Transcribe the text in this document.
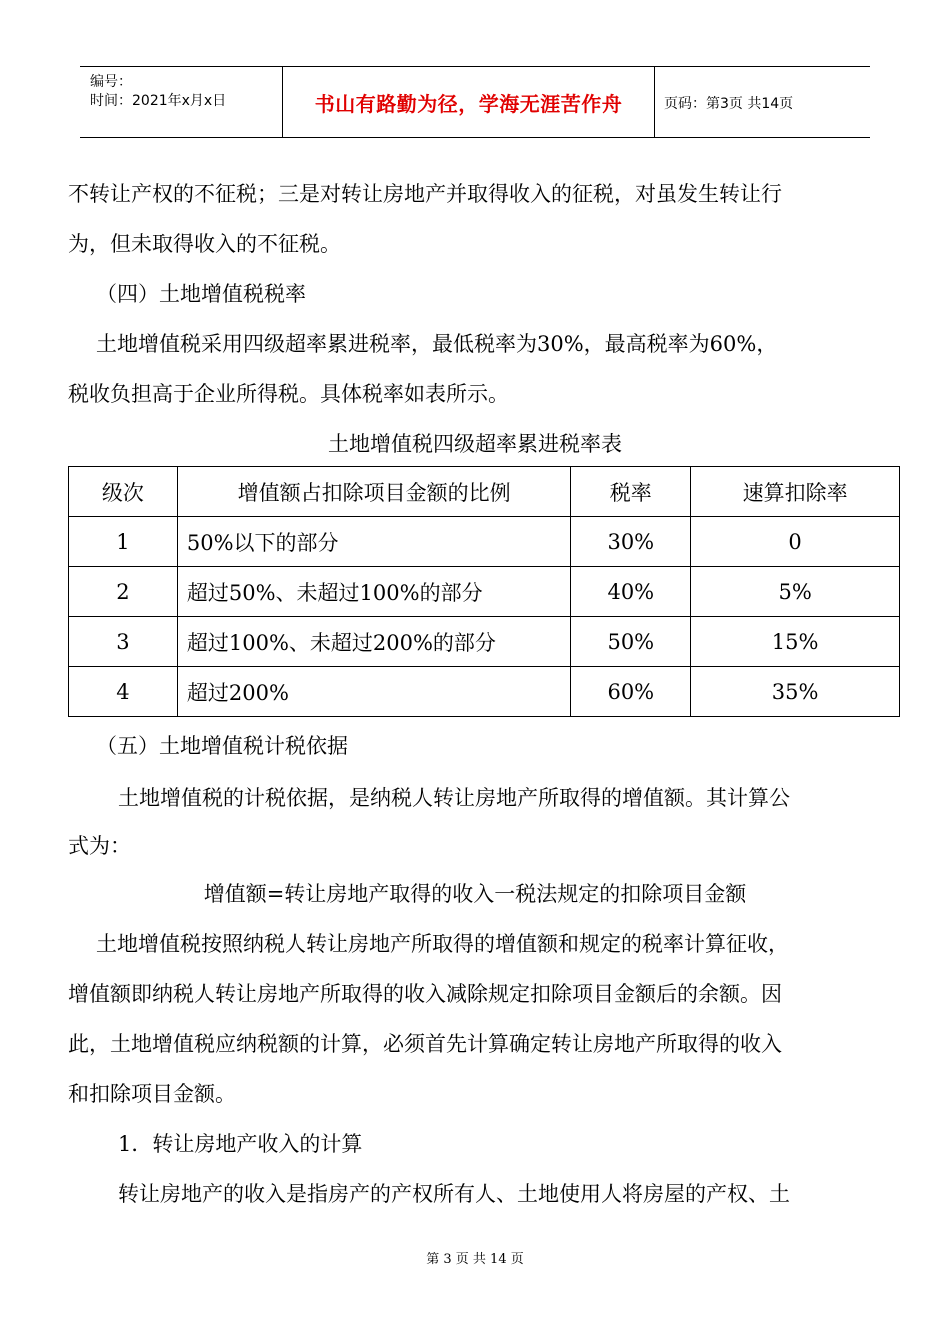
编号：
时间：2021年x月x日	书山有路勤为径，学海无涯苦作舟	页码：第3页 共14页
不转让产权的不征税；三是对转让房地产并取得收入的征税，对虽发生转让行
为，但未取得收入的不征税。
（四）土地增值税税率
土地增值税采用四级超率累进税率，最低税率为30%，最高税率为60%，
税收负担高于企业所得税。具体税率如表所示。
土地增值税四级超率累进税率表
级次	增值额占扣除项目金额的比例	税率	速算扣除率
1	50%以下的部分	30%	0
2	超过50%、未超过100%的部分	40%	5%
3	超过100%、未超过200%的部分	50%	15%
4	超过200%	60%	35%
（五）土地增值税计税依据
土地增值税的计税依据，是纳税人转让房地产所取得的增值额。其计算公
式为：
增值额=转让房地产取得的收入一税法规定的扣除项目金额
土地增值税按照纳税人转让房地产所取得的增值额和规定的税率计算征收，
增值额即纳税人转让房地产所取得的收入减除规定扣除项目金额后的余额。因
此，土地增值税应纳税额的计算，必须首先计算确定转让房地产所取得的收入
和扣除项目金额。
1．转让房地产收入的计算
转让房地产的收入是指房产的产权所有人、土地使用人将房屋的产权、土
第 3 页 共 14 页
